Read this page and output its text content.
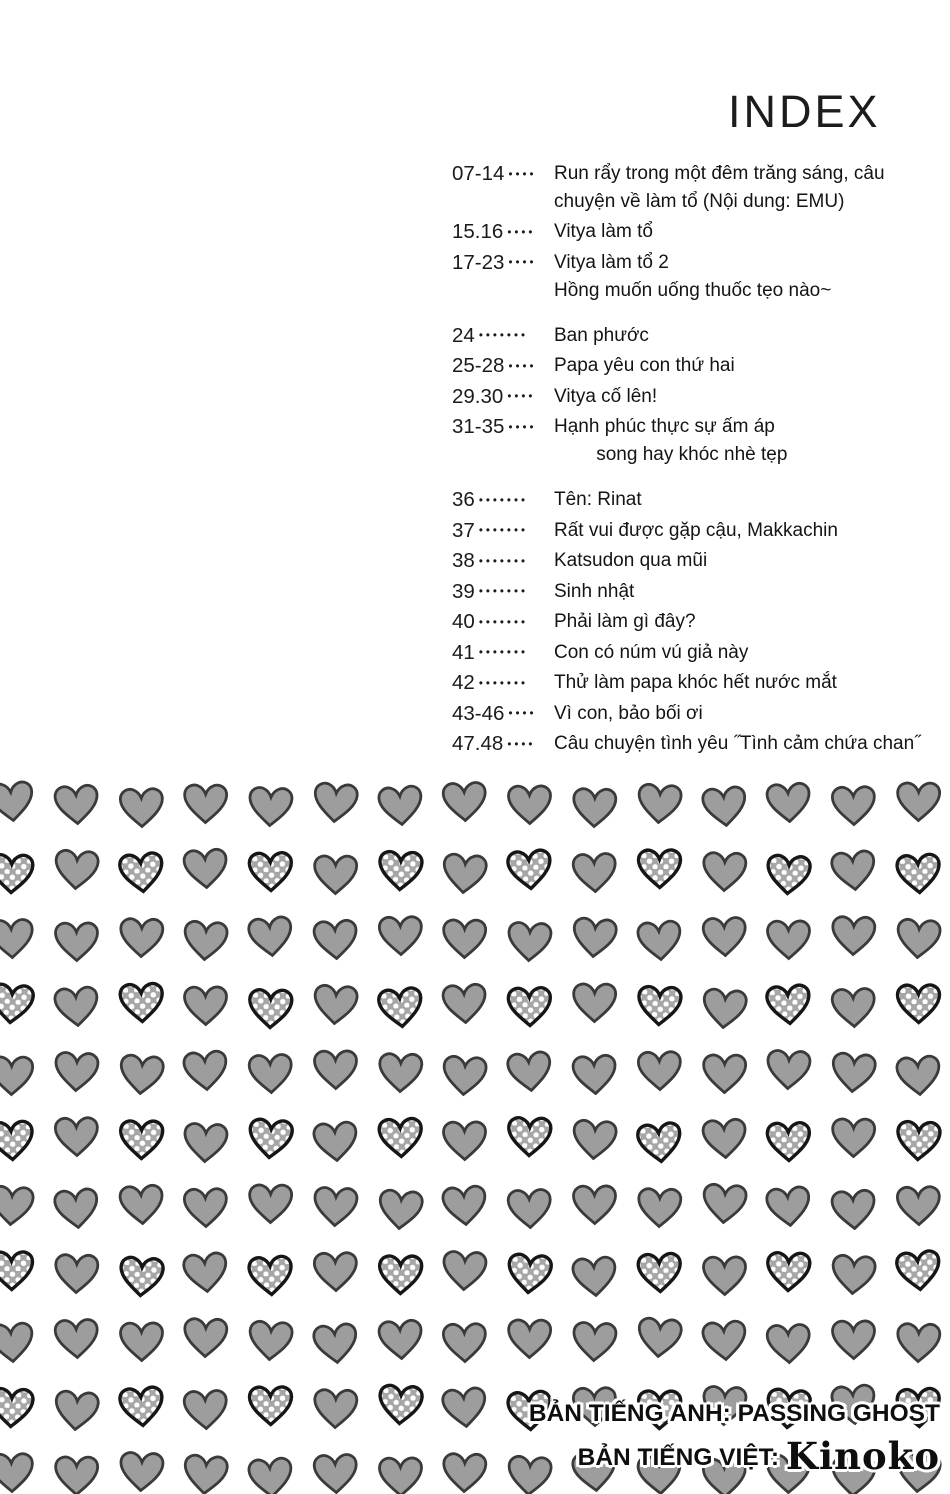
INDEX
07-14 •••• Run rẩy trong một đêm trăng sáng, câu
chuyện về làm tổ (Nội dung: EMU)
15.16 •••• Vitya làm tổ
17-23 •••• Vitya làm tổ 2
Hồng muốn uống thuốc tẹo nào~
24 •••••••	Ban phước
25-28 •••• Papa yêu con thứ hai
29.30 •••• Vitya cố lên!
31-35 •••• Hạnh phúc thực sự ấm áp
song hay khóc nhè tẹp
36 •••••••	Tên: Rinat
37 •••••••	Rất vui được gặp cậu, Makkachin
38 •••••••	Katsudon qua mũi
39 •••••••	Sinh nhật
40 •••••••	Phải làm gì đây?
41 •••••••	Con có núm vú giả này
42 •••••••	Thử làm papa khóc hết nước mắt
43-46 •••• Vì con, bảo bối ơi
47.48 •••• Câu chuyện tình yêu ˝Tình cảm chứa chan˝
BẢN TIẾNG ANH: PASSING GHOST
BẢN TIẾNG VIỆT: Kinoko
